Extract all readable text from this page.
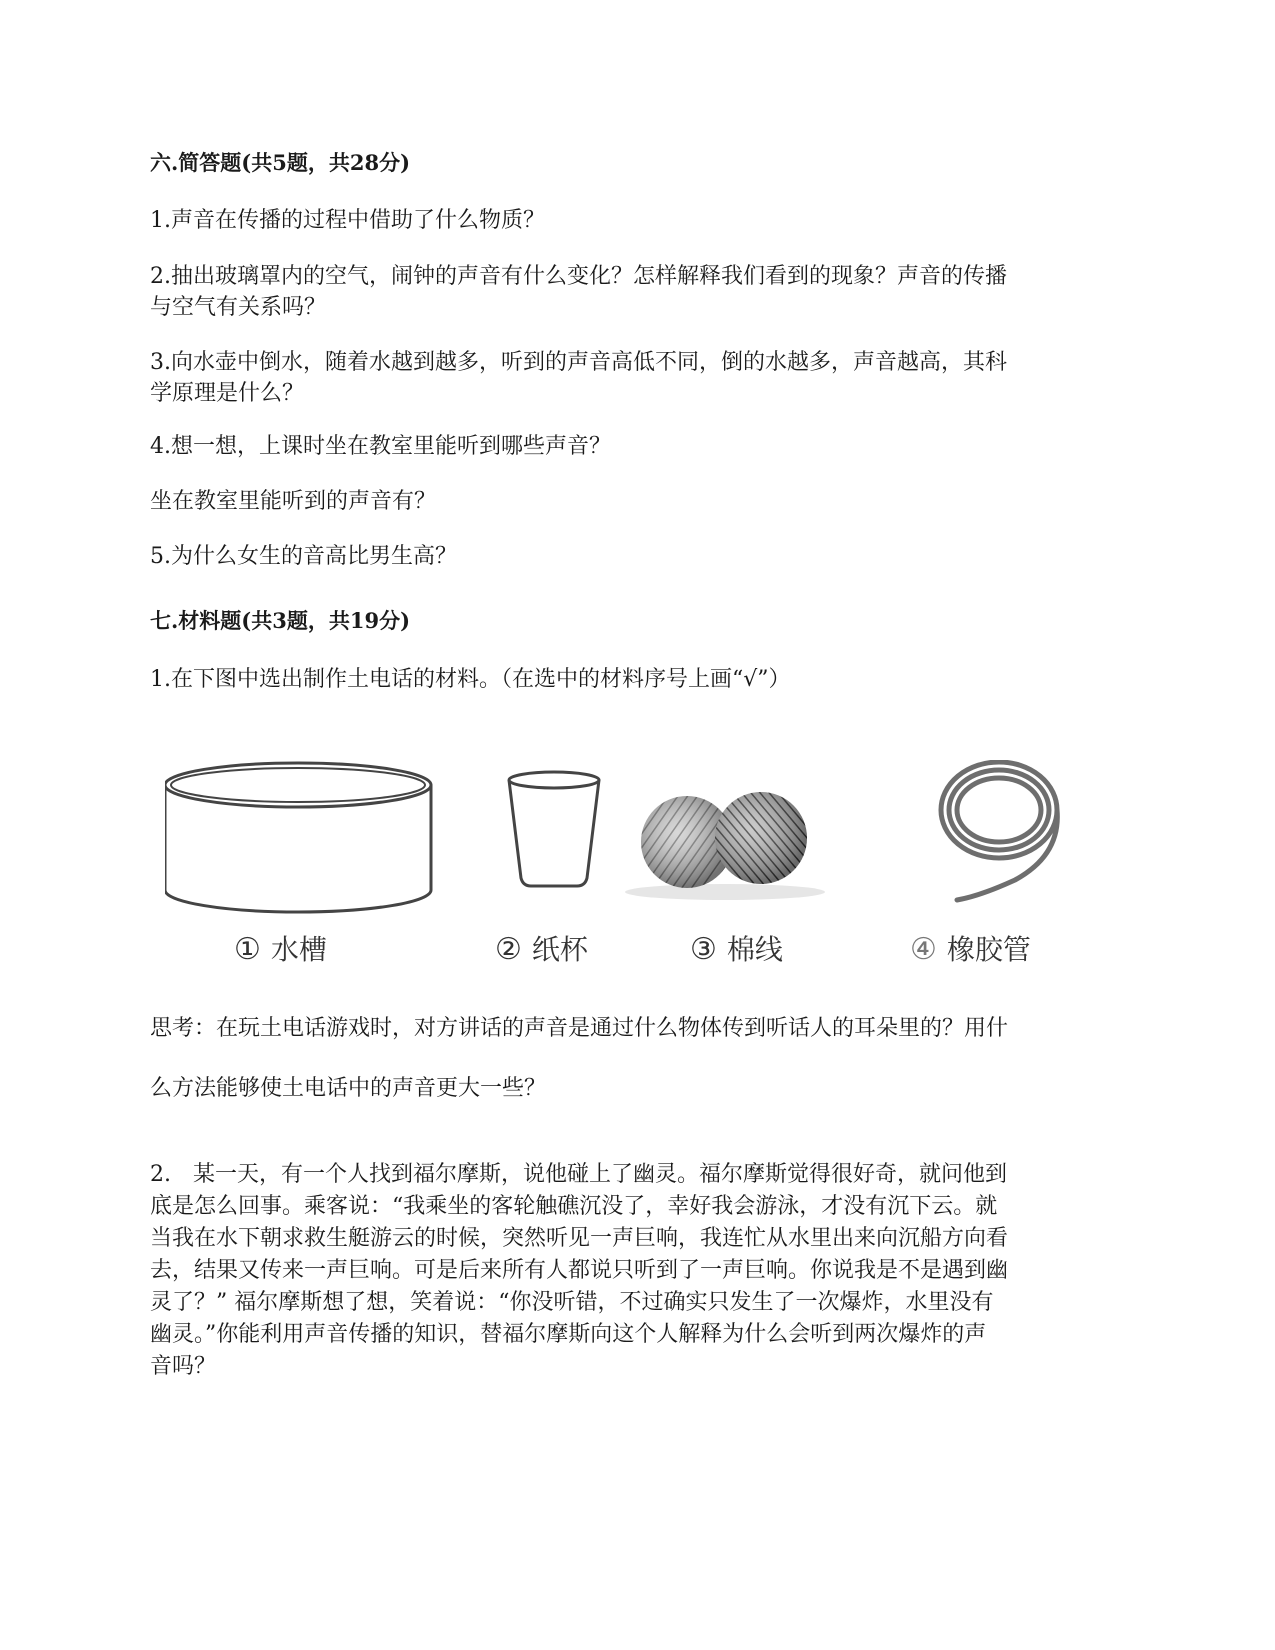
六.简答题(共5题，共28分)
1.声音在传播的过程中借助了什么物质？
2.抽出玻璃罩内的空气，闹钟的声音有什么变化？怎样解释我们看到的现象？声音的传播
与空气有关系吗？
3.向水壶中倒水，随着水越到越多，听到的声音高低不同，倒的水越多，声音越高，其科
学原理是什么？
4.想一想，上课时坐在教室里能听到哪些声音？
坐在教室里能听到的声音有？
5.为什么女生的音高比男生高？
七.材料题(共3题，共19分)
1.在下图中选出制作土电话的材料。（在选中的材料序号上画“√”）
① 水槽	② 纸杯	③ 棉线	④ 橡胶管
思考：在玩土电话游戏时，对方讲话的声音是通过什么物体传到听话人的耳朵里的？用什
么方法能够使土电话中的声音更大一些？
2.　某一天，有一个人找到福尔摩斯，说他碰上了幽灵。福尔摩斯觉得很好奇，就问他到
底是怎么回事。乘客说：“我乘坐的客轮触礁沉没了，幸好我会游泳，才没有沉下云。就
当我在水下朝求救生艇游云的时候，突然听见一声巨响，我连忙从水里出来向沉船方向看
去，结果又传来一声巨响。可是后来所有人都说只听到了一声巨响。你说我是不是遇到幽
灵了？” 福尔摩斯想了想，笑着说：“你没听错，不过确实只发生了一次爆炸，水里没有
幽灵。”你能利用声音传播的知识，替福尔摩斯向这个人解释为什么会听到两次爆炸的声
音吗？
